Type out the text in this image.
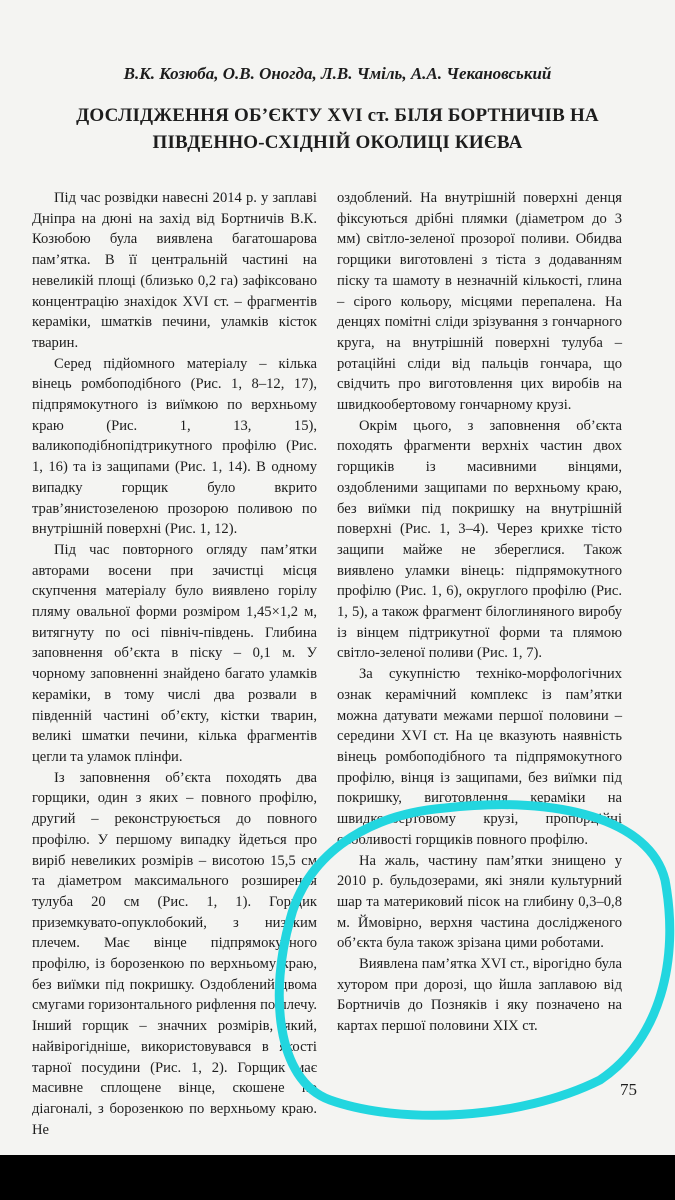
В.К. Козюба, О.В. Оногда, Л.В. Чміль, А.А. Чекановський
ДОСЛІДЖЕННЯ ОБ’ЄКТУ XVI ст. БІЛЯ БОРТНИЧІВ НА
ПІВДЕННО-СХІДНІЙ ОКОЛИЦІ КИЄВА

Під час розвідки навесні 2014 р. у заплаві Дніпра на дюні на захід від Бортничів В.К. Козюбою була виявлена багатошарова пам’ятка. В її центральній частині на невеликій площі (близько 0,2 га) зафіксовано концентрацію знахідок XVI ст. – фрагментів кераміки, шматків печини, уламків кісток тварин.

Серед підйомного матеріалу – кілька вінець ромбоподібного (Рис. 1, 8–12, 17), підпрямокутного із виїмкою по верхньому краю (Рис. 1, 13, 15), валикоподібнопідтрикутного профілю (Рис. 1, 16) та із защипами (Рис. 1, 14). В одному випадку горщик було вкрито трав’янистозеленою прозорою поливою по внутрішній поверхні (Рис. 1, 12).

Під час повторного огляду пам’ятки авторами восени при зачистці місця скупчення матеріалу було виявлено горілу пляму овальної форми розміром 1,45×1,2 м, витягнуту по осі північ-південь. Глибина заповнення об’єкта в піску – 0,1 м. У чорному заповненні знайдено багато уламків кераміки, в тому числі два розвали в південній частині об’єкту, кістки тварин, великі шматки печини, кілька фрагментів цегли та уламок плінфи.

Із заповнення об’єкта походять два горщики, один з яких – повного профілю, другий – реконструюється до повного профілю. У першому випадку йдеться про виріб невеликих розмірів – висотою 15,5 см та діаметром максимального розширення тулуба 20 см (Рис. 1, 1). Горщик приземкувато-опуклобокий, з низьким плечем. Має вінце підпрямокутного профілю, із борозенкою по верхньому краю, без виїмки під покришку. Оздоблений двома смугами горизонтального рифлення по плечу. Інший горщик – значних розмірів, який, найвірогідніше, використовувався в якості тарної посудини (Рис. 1, 2). Горщик має масивне сплощене вінце, скошене по діагоналі, з борозенкою по верхньому краю. Не

оздоблений. На внутрішній поверхні денця фіксуються дрібні плямки (діаметром до 3 мм) світло-зеленої прозорої поливи. Обидва горщики виготовлені з тіста з додаванням піску та шамоту в незначній кількості, глина – сірого кольору, місцями перепалена. На денцях помітні сліди зрізування з гончарного круга, на внутрішній поверхні тулуба – ротаційні сліди від пальців гончара, що свідчить про виготовлення цих виробів на швидкообертовому гончарному крузі.

Окрім цього, з заповнення об’єкта походять фрагменти верхніх частин двох горщиків із масивними вінцями, оздобленими защипами по верхньому краю, без виїмки під покришку на внутрішній поверхні (Рис. 1, 3–4). Через крихке тісто защипи майже не збереглися. Також виявлено уламки вінець: підпрямокутного профілю (Рис. 1, 6), округлого профілю (Рис. 1, 5), а також фрагмент білоглиняного виробу із вінцем підтрикутної форми та плямою світло-зеленої поливи (Рис. 1, 7).

За сукупністю техніко-морфологічних ознак керамічний комплекс із пам’ятки можна датувати межами першої половини – середини XVI ст. На це вказують наявність вінець ромбоподібного та підпрямокутного профілю, вінця із защипами, без виїмки під покришку, виготовлення кераміки на швидкообертовому крузі, пропорційні особливості горщиків повного профілю.

На жаль, частину пам’ятки знищено у 2010 р. бульдозерами, які зняли культурний шар та материковий пісок на глибину 0,3–0,8 м. Ймовірно, верхня частина дослідженого об’єкта була також зрізана цими роботами.

Виявлена пам’ятка XVI ст., вірогідно була хутором при дорозі, що йшла заплавою від Бортничів до Позняків і яку позначено на картах першої половини XIX ст.

75
